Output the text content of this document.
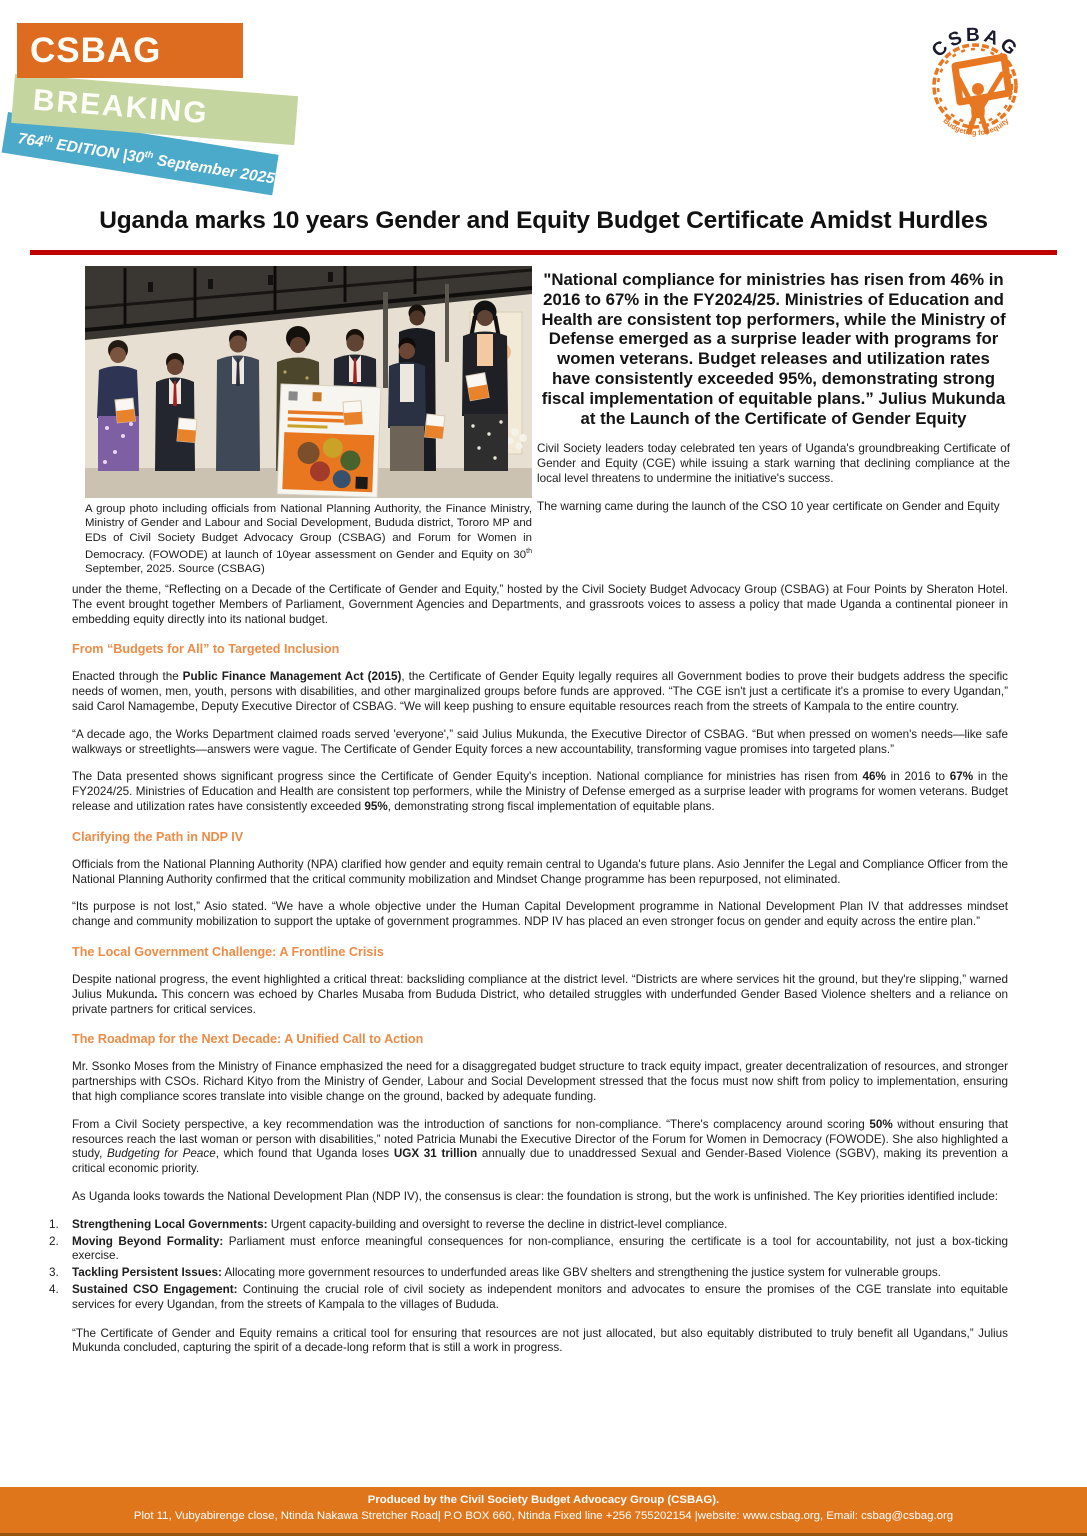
CSBAG
BREAKING
764th EDITION |30th September 2025
CSBAG
Budgeting for equity
Uganda marks 10 years Gender and Equity Budget Certificate Amidst Hurdles
A group photo including officials from National Planning Authority, the Finance Ministry, Ministry of Gender and Labour and Social Development, Bududa district, Tororo MP and EDs of Civil Society Budget Advocacy Group (CSBAG) and Forum for Women in Democracy. (FOWODE) at launch of 10year assessment on Gender and Equity on 30th September, 2025. Source (CSBAG)
"National compliance for ministries has risen from 46% in 2016 to 67% in the FY2024/25. Ministries of Education and Health are consistent top performers, while the Ministry of Defense emerged as a surprise leader with programs for women veterans. Budget releases and utilization rates have consistently exceeded 95%, demonstrating strong fiscal implementation of equitable plans.” Julius Mukunda at the Launch of the Certificate of Gender Equity

Civil Society leaders today celebrated ten years of Uganda's groundbreaking Certificate of Gender and Equity (CGE) while issuing a stark warning that declining compliance at the local level threatens to undermine the initiative's success.

The warning came during the launch of the CSO 10 year certificate on Gender and Equity

under the theme, “Reflecting on a Decade of the Certificate of Gender and Equity,” hosted by the Civil Society Budget Advocacy Group (CSBAG) at Four Points by Sheraton Hotel. The event brought together Members of Parliament, Government Agencies and Departments, and grassroots voices to assess a policy that made Uganda a continental pioneer in embedding equity directly into its national budget.

From “Budgets for All” to Targeted Inclusion

Enacted through the Public Finance Management Act (2015), the Certificate of Gender Equity legally requires all Government bodies to prove their budgets address the specific needs of women, men, youth, persons with disabilities, and other marginalized groups before funds are approved. “The CGE isn't just a certificate it's a promise to every Ugandan,” said Carol Namagembe, Deputy Executive Director of CSBAG. “We will keep pushing to ensure equitable resources reach from the streets of Kampala to the entire country.

“A decade ago, the Works Department claimed roads served 'everyone',” said Julius Mukunda, the Executive Director of CSBAG. “But when pressed on women's needs—like safe walkways or streetlights—answers were vague. The Certificate of Gender Equity forces a new accountability, transforming vague promises into targeted plans.”

The Data presented shows significant progress since the Certificate of Gender Equity's inception. National compliance for ministries has risen from 46% in 2016 to 67% in the FY2024/25. Ministries of Education and Health are consistent top performers, while the Ministry of Defense emerged as a surprise leader with programs for women veterans. Budget release and utilization rates have consistently exceeded 95%, demonstrating strong fiscal implementation of equitable plans.

Clarifying the Path in NDP IV

Officials from the National Planning Authority (NPA) clarified how gender and equity remain central to Uganda's future plans. Asio Jennifer the Legal and Compliance Officer from the National Planning Authority confirmed that the critical community mobilization and Mindset Change programme has been repurposed, not eliminated.

“Its purpose is not lost,” Asio stated. “We have a whole objective under the Human Capital Development programme in National Development Plan IV that addresses mindset change and community mobilization to support the uptake of government programmes. NDP IV has placed an even stronger focus on gender and equity across the entire plan.”

The Local Government Challenge: A Frontline Crisis

Despite national progress, the event highlighted a critical threat: backsliding compliance at the district level. “Districts are where services hit the ground, but they're slipping,” warned Julius Mukunda. This concern was echoed by Charles Musaba from Bududa District, who detailed struggles with underfunded Gender Based Violence shelters and a reliance on private partners for critical services.

The Roadmap for the Next Decade: A Unified Call to Action

Mr. Ssonko Moses from the Ministry of Finance emphasized the need for a disaggregated budget structure to track equity impact, greater decentralization of resources, and stronger partnerships with CSOs. Richard Kityo from the Ministry of Gender, Labour and Social Development stressed that the focus must now shift from policy to implementation, ensuring that high compliance scores translate into visible change on the ground, backed by adequate funding.

From a Civil Society perspective, a key recommendation was the introduction of sanctions for non-compliance. “There's complacency around scoring 50% without ensuring that resources reach the last woman or person with disabilities,” noted Patricia Munabi the Executive Director of the Forum for Women in Democracy (FOWODE). She also highlighted a study, Budgeting for Peace, which found that Uganda loses UGX 31 trillion annually due to unaddressed Sexual and Gender-Based Violence (SGBV), making its prevention a critical economic priority.

As Uganda looks towards the National Development Plan (NDP IV), the consensus is clear: the foundation is strong, but the work is unfinished. The Key priorities identified include:

Strengthening Local Governments: Urgent capacity-building and oversight to reverse the decline in district-level compliance.
Moving Beyond Formality: Parliament must enforce meaningful consequences for non-compliance, ensuring the certificate is a tool for accountability, not just a box-ticking exercise.
Tackling Persistent Issues: Allocating more government resources to underfunded areas like GBV shelters and strengthening the justice system for vulnerable groups.
Sustained CSO Engagement: Continuing the crucial role of civil society as independent monitors and advocates to ensure the promises of the CGE translate into equitable services for every Ugandan, from the streets of Kampala to the villages of Bududa.

“The Certificate of Gender and Equity remains a critical tool for ensuring that resources are not just allocated, but also equitably distributed to truly benefit all Ugandans,” Julius Mukunda concluded, capturing the spirit of a decade-long reform that is still a work in progress.

Produced by the Civil Society Budget Advocacy Group (CSBAG).
Plot 11, Vubyabirenge close, Ntinda Nakawa Stretcher Road| P.O BOX 660, Ntinda Fixed line +256 755202154 |website: www.csbag.org, Email: csbag@csbag.org
